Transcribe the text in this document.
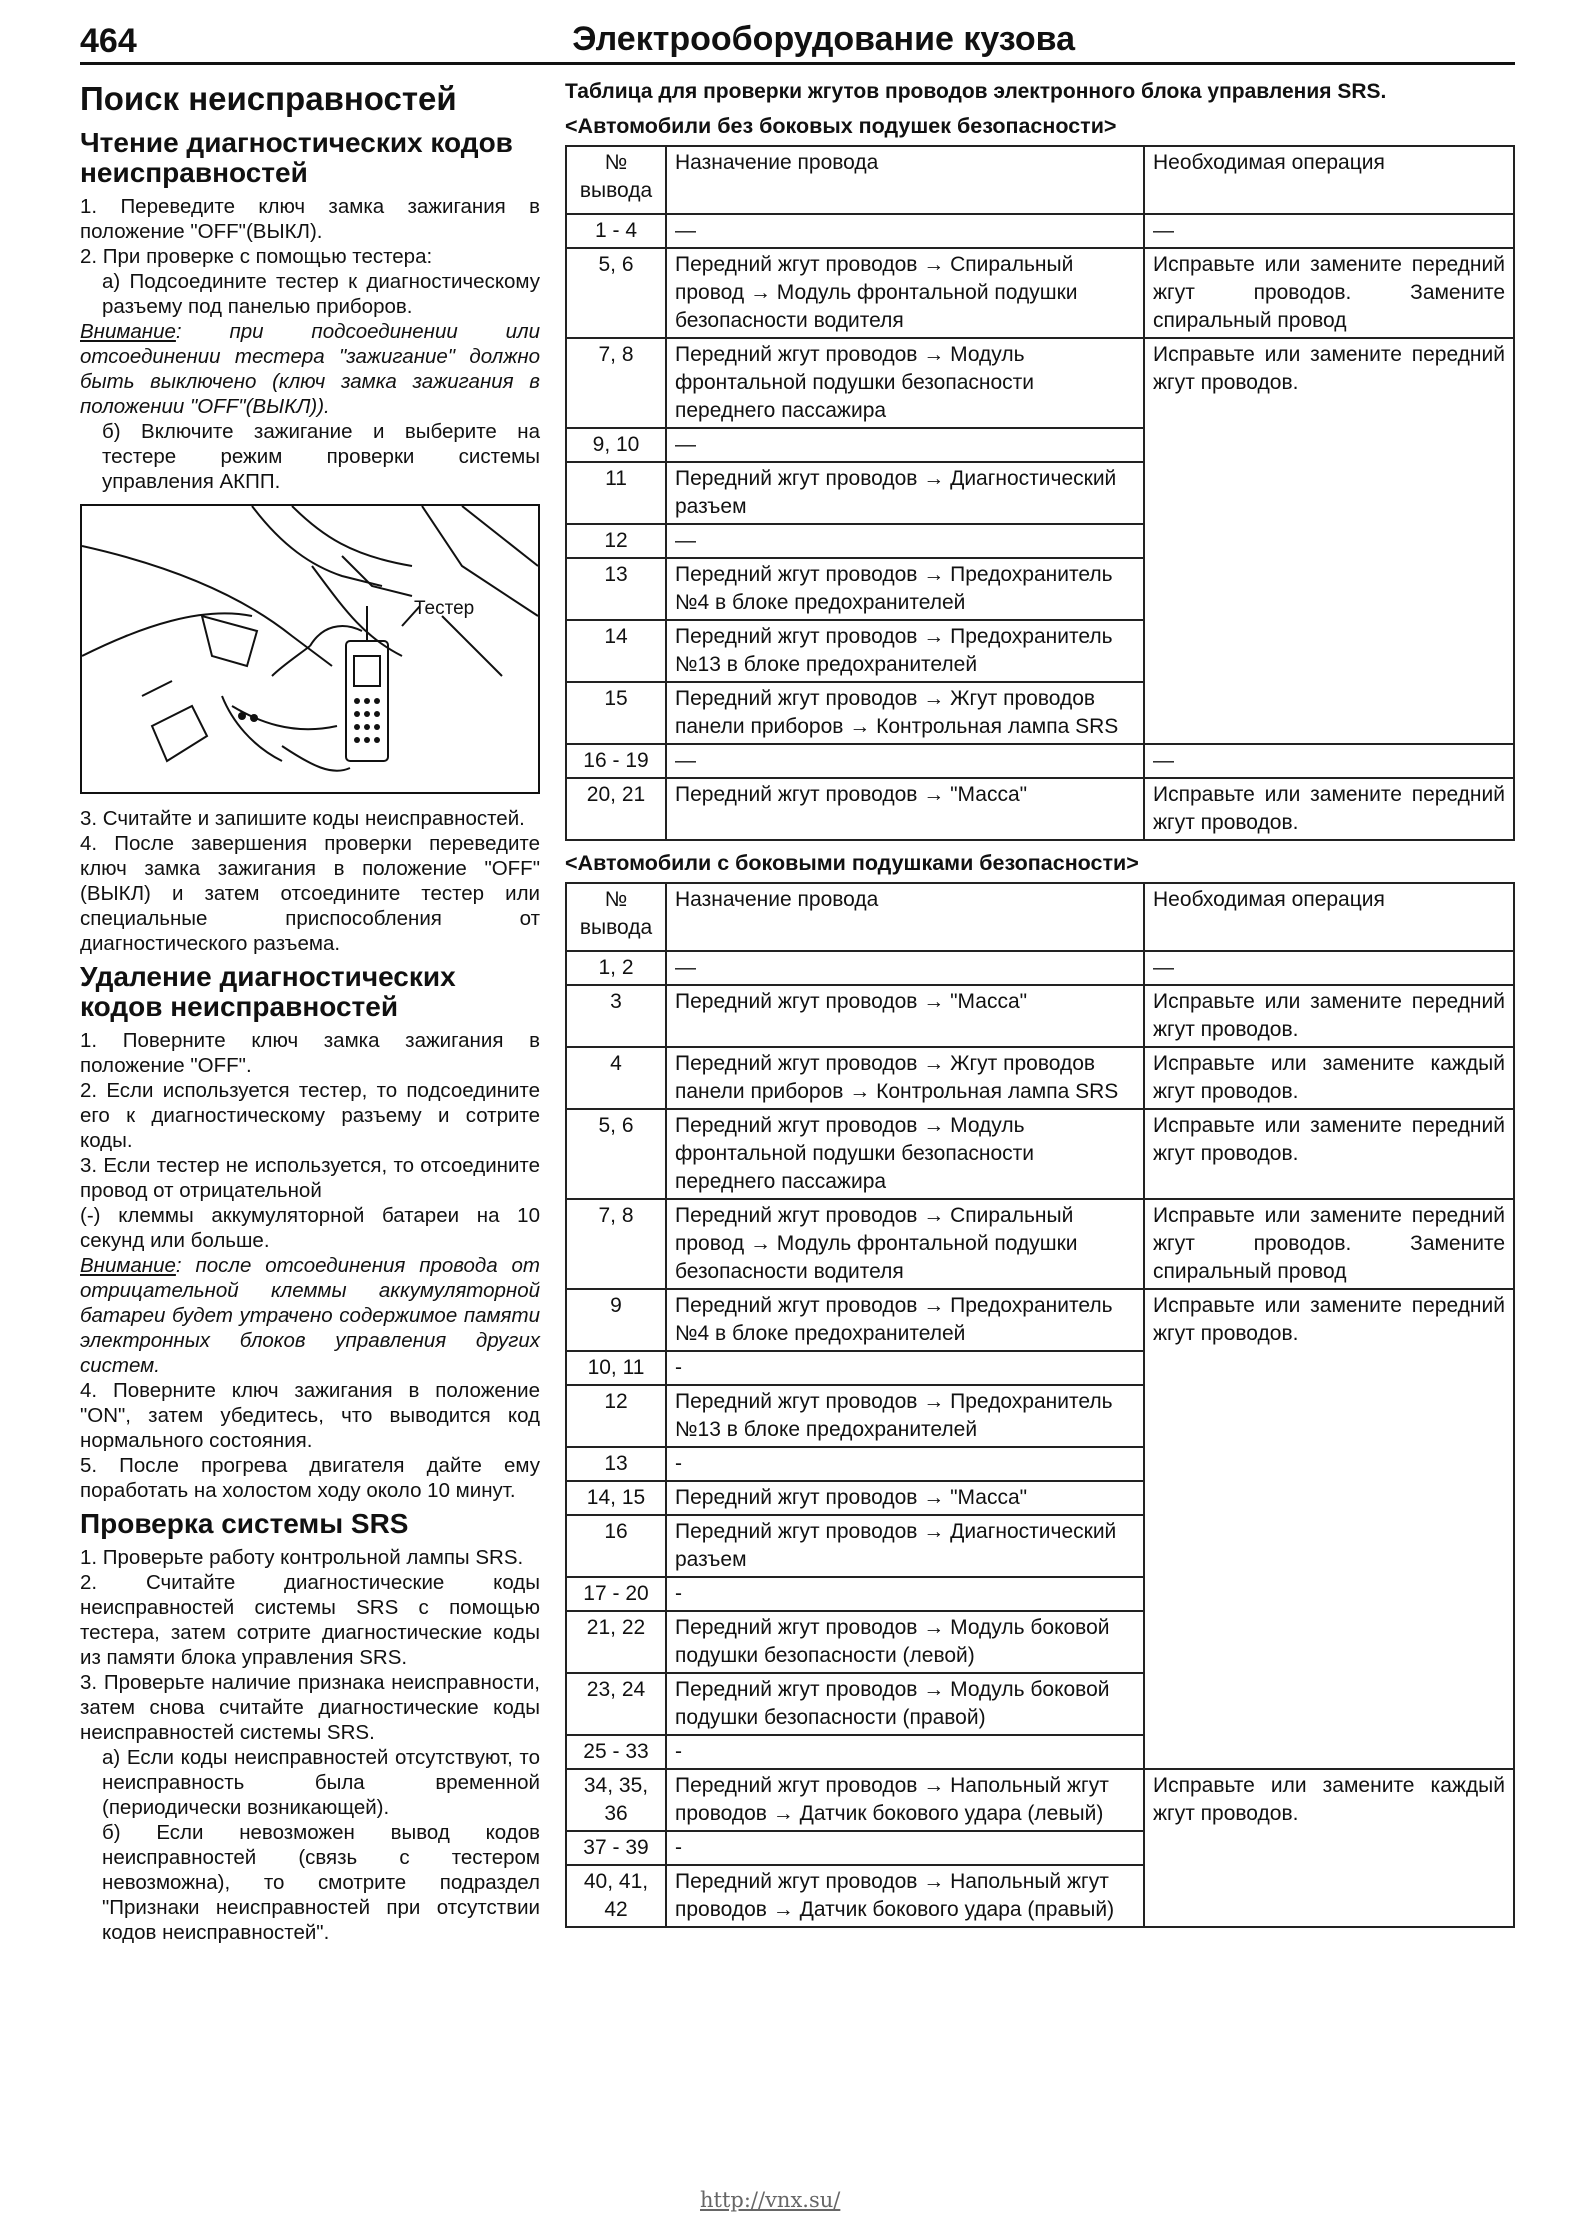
464	Электрооборудование кузова
Поиск неисправностей
Чтение диагностических кодов неисправностей

1. Переведите ключ замка зажигания в положение "OFF"(ВЫКЛ).

2. При проверке с помощью тестера:

а) Подсоедините тестер к диагностическому разъему под панелью приборов.

Внимание: при подсоединении или отсоединении тестера "зажигание" должно быть выключено (ключ замка зажигания в положении "OFF"(ВЫКЛ)).

б) Включите зажигание и выберите на тестере режим проверки системы управления АКПП.

Тестер

3. Считайте и запишите коды неисправностей.

4. После завершения проверки переведите ключ замка зажигания в положение "OFF" (ВЫКЛ) и затем отсоедините тестер или специальные приспособления от диагностического разъема.

Удаление диагностических кодов неисправностей

1. Поверните ключ замка зажигания в положение "OFF".

2. Если используется тестер, то подсоедините его к диагностическому разъему и сотрите коды.

3. Если тестер не используется, то отсоедините провод от отрицательной

(-) клеммы аккумуляторной батареи на 10 секунд или больше.

Внимание: после отсоединения провода от отрицательной клеммы аккумуляторной батареи будет утрачено содержимое памяти электронных блоков управления других систем.

4. Поверните ключ зажигания в положение "ON", затем убедитесь, что выводится код нормального состояния.

5. После прогрева двигателя дайте ему поработать на холостом ходу около 10 минут.

Проверка системы SRS

1. Проверьте работу контрольной лампы SRS.

2. Считайте диагностические коды неисправностей системы SRS с помощью тестера, затем сотрите диагностические коды из памяти блока управления SRS.

3. Проверьте наличие признака неисправности, затем снова считайте диагностические коды неисправностей системы SRS.

а) Если коды неисправностей отсутствуют, то неисправность была временной (периодически возникающей).

б) Если невозможен вывод кодов неисправностей (связь с тестером невозможна), то смотрите подраздел "Признаки неисправностей при отсутствии кодов неисправностей".

Таблица для проверки жгутов проводов электронного блока управления SRS.

<Автомобили без боковых подушек безопасности>
№ вывода	Назначение провода	Необходимая операция
1 - 4	—	—
5, 6	Передний жгут проводов → Спиральный провод → Модуль фронтальной подушки безопасности водителя	Исправьте или замените передний жгут проводов. Замените спиральный провод
7, 8	Передний жгут проводов → Модуль фронтальной подушки безопасности переднего пассажира	Исправьте или замените передний жгут проводов.
9, 10	—	
11	Передний жгут проводов → Диагностический разъем	
12	—	
13	Передний жгут проводов → Предохранитель №4 в блоке предохранителей	
14	Передний жгут проводов → Предохранитель №13 в блоке предохранителей	
15	Передний жгут проводов → Жгут проводов панели приборов → Контрольная лампа SRS	
16 - 19	—	—
20, 21	Передний жгут проводов → "Масса"	Исправьте или замените передний жгут проводов.
<Автомобили с боковыми подушками безопасности>
№ вывода	Назначение провода	Необходимая операция
1, 2	—	—
3	Передний жгут проводов → "Масса"	Исправьте или замените передний жгут проводов.
4	Передний жгут проводов → Жгут проводов панели приборов → Контрольная лампа SRS	Исправьте или замените каждый жгут проводов.
5, 6	Передний жгут проводов → Модуль фронтальной подушки безопасности переднего пассажира	Исправьте или замените передний жгут проводов.
7, 8	Передний жгут проводов → Спиральный провод → Модуль фронтальной подушки безопасности водителя	Исправьте или замените передний жгут проводов. Замените спиральный провод
9	Передний жгут проводов → Предохранитель №4 в блоке предохранителей	Исправьте или замените передний жгут проводов.
10, 11	-	
12	Передний жгут проводов → Предохранитель №13 в блоке предохранителей	
13	-	
14, 15	Передний жгут проводов → "Масса"	
16	Передний жгут проводов → Диагностический разъем	
17 - 20	-	
21, 22	Передний жгут проводов → Модуль боковой подушки безопасности (левой)	
23, 24	Передний жгут проводов → Модуль боковой подушки безопасности (правой)	
25 - 33	-	
34, 35, 36	Передний жгут проводов → Напольный жгут проводов → Датчик бокового удара (левый)	Исправьте или замените каждый жгут проводов.
37 - 39	-	
40, 41, 42	Передний жгут проводов → Напольный жгут проводов → Датчик бокового удара (правый)	
http://vnx.su/
